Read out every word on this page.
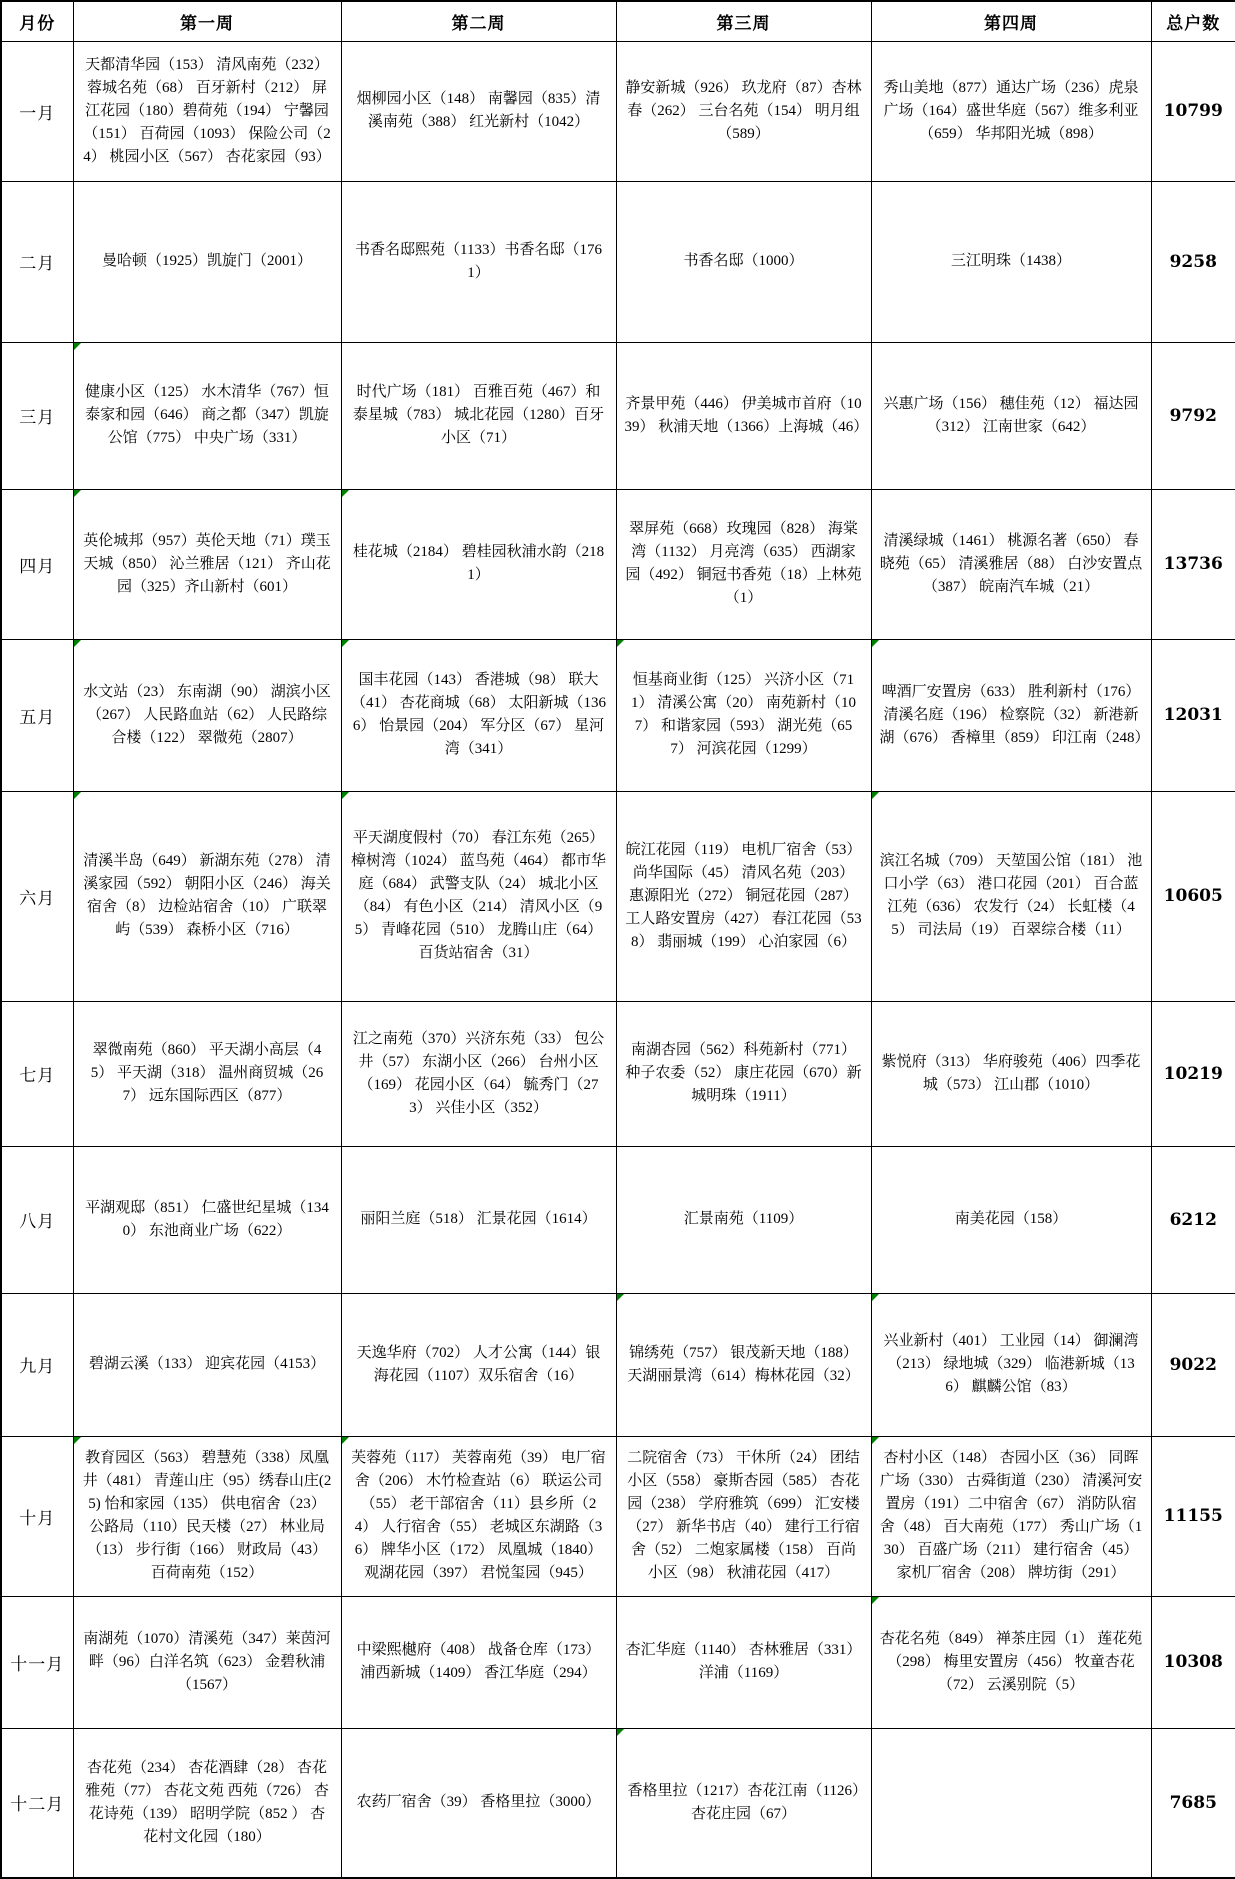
月份	第一周	第二周	第三周	第四周	总户数
一月	天都清华园（153） 清风南苑（232） 蓉城名苑（68） 百牙新村（212） 屏江花园（180）碧荷苑（194） 宁馨园（151） 百荷园（1093） 保险公司（24） 桃园小区（567） 杏花家园（93）	烟柳园小区（148） 南馨园（835）清溪南苑（388） 红光新村（1042）	静安新城（926） 玖龙府（87）杏林春（262） 三台名苑（154） 明月组（589）	秀山美地（877）通达广场（236）虎泉广场（164）盛世华庭（567）维多利亚（659） 华邦阳光城（898）	10799
二月	曼哈顿（1925）凯旋门（2001）	书香名邸熙苑（1133）书香名邸（1761）	书香名邸（1000）	三江明珠（1438）	9258
三月	健康小区（125） 水木清华（767）恒泰家和园（646） 商之都（347）凯旋公馆（775） 中央广场（331）	时代广场（181） 百雅百苑（467）和泰星城（783） 城北花园（1280）百牙小区（71）	齐景甲苑（446） 伊美城市首府（1039） 秋浦天地（1366）上海城（46）	兴惠广场（156） 穗佳苑（12） 福达园（312） 江南世家（642）	9792
四月	英伦城邦（957）英伦天地（71）璞玉天城（850） 沁兰雅居（121） 齐山花园（325）齐山新村（601）	桂花城（2184） 碧桂园秋浦水韵（2181）	翠屏苑（668）玫瑰园（828） 海棠湾（1132） 月亮湾（635） 西湖家园（492） 铜冠书香苑（18）上林苑（1）	清溪绿城（1461） 桃源名著（650） 春晓苑（65） 清溪雅居（88） 白沙安置点（387） 皖南汽车城（21）	13736
五月	水文站（23） 东南湖（90） 湖滨小区（267） 人民路血站（62） 人民路综合楼（122） 翠微苑（2807）	国丰花园（143） 香港城（98） 联大（41） 杏花商城（68） 太阳新城（1366） 怡景园（204） 军分区（67） 星河湾（341）	恒基商业街（125） 兴济小区（711） 清溪公寓（20） 南苑新村（107） 和谐家园（593） 湖光苑（657） 河滨花园（1299）	啤酒厂安置房（633） 胜利新村（176） 清溪名庭（196） 检察院（32） 新港新湖（676） 香樟里（859） 印江南（248）	12031
六月	清溪半岛（649） 新湖东苑（278） 清溪家园（592） 朝阳小区（246） 海关宿舍（8） 边检站宿舍（10） 广联翠屿（539） 森桥小区（716）	平天湖度假村（70） 春江东苑（265） 樟树湾（1024） 蓝鸟苑（464） 都市华庭（684） 武警支队（24） 城北小区（84） 有色小区（214） 清风小区（95） 青峰花园（510） 龙腾山庄（64） 百货站宿舍（31）	皖江花园（119） 电机厂宿舍（53） 尚华国际（45） 清风名苑（203） 惠源阳光（272） 铜冠花园（287） 工人路安置房（427） 春江花园（538） 翡丽城（199） 心泊家园（6）	滨江名城（709） 天堃国公馆（181） 池口小学（63） 港口花园（201） 百合蓝江苑（636） 农发行（24） 长虹楼（45） 司法局（19） 百翠综合楼（11）	10605
七月	翠微南苑（860） 平天湖小高层（45） 平天湖（318） 温州商贸城（267） 远东国际西区（877）	江之南苑（370）兴济东苑（33） 包公井（57） 东湖小区（266） 台州小区（169） 花园小区（64） 毓秀门（273） 兴佳小区（352）	南湖杏园（562）科苑新村（771）种子农委（52） 康庄花园（670）新城明珠（1911）	紫悦府（313） 华府骏苑（406）四季花城（573） 江山郡（1010）	10219
八月	平湖观邸（851） 仁盛世纪星城（1340） 东池商业广场（622）	丽阳兰庭（518） 汇景花园（1614）	汇景南苑（1109）	南美花园（158）	6212
九月	碧湖云溪（133） 迎宾花园（4153）	天逸华府（702） 人才公寓（144）银海花园（1107）双乐宿舍（16）	锦绣苑（757） 银茂新天地（188） 天湖丽景湾（614）梅林花园（32）	兴业新村（401） 工业园（14） 御澜湾（213） 绿地城（329） 临港新城（136） 麒麟公馆（83）	9022
十月	教育园区（563） 碧慧苑（338）凤凰井（481） 青莲山庄（95）绣春山庄(25) 怡和家园（135） 供电宿舍（23） 公路局（110）民天楼（27） 林业局（13） 步行街（166） 财政局（43） 百荷南苑（152）	芙蓉苑（117） 芙蓉南苑（39） 电厂宿舍（206） 木竹检查站（6） 联运公司（55） 老干部宿舍（11）县乡所（24） 人行宿舍（55） 老城区东湖路（36） 牌华小区（172） 凤凰城（1840） 观湖花园（397） 君悦玺园（945）	二院宿舍（73） 干休所（24） 团结小区（558） 豪斯杏园（585） 杏花园（238） 学府雅筑（699） 汇安楼（27） 新华书店（40） 建行工行宿舍（52） 二炮家属楼（158） 百尚小区（98） 秋浦花园（417）	杏村小区（148） 杏园小区（36） 同晖广场（330） 古舜街道（230） 清溪河安置房（191）二中宿舍（67） 消防队宿舍（48） 百大南苑（177） 秀山广场（130） 百盛广场（211） 建行宿舍（45） 家机厂宿舍（208） 牌坊街（291）	11155
十一月	南湖苑（1070）清溪苑（347）莱茵河畔（96）白洋名筑（623） 金碧秋浦（1567）	中梁熙樾府（408） 战备仓库（173）浦西新城（1409） 香江华庭（294）	杏汇华庭（1140） 杏林雅居（331） 洋浦（1169）	杏花名苑（849） 禅茶庄园（1） 莲花苑（298） 梅里安置房（456） 牧童杏花（72） 云溪别院（5）	10308
十二月	杏花苑（234） 杏花酒肆（28） 杏花雅苑（77） 杏花文苑 西苑（726） 杏花诗苑（139） 昭明学院（852 ） 杏花村文化园（180）	农药厂宿舍（39） 香格里拉（3000）	香格里拉（1217）杏花江南（1126）杏花庄园（67）		7685
